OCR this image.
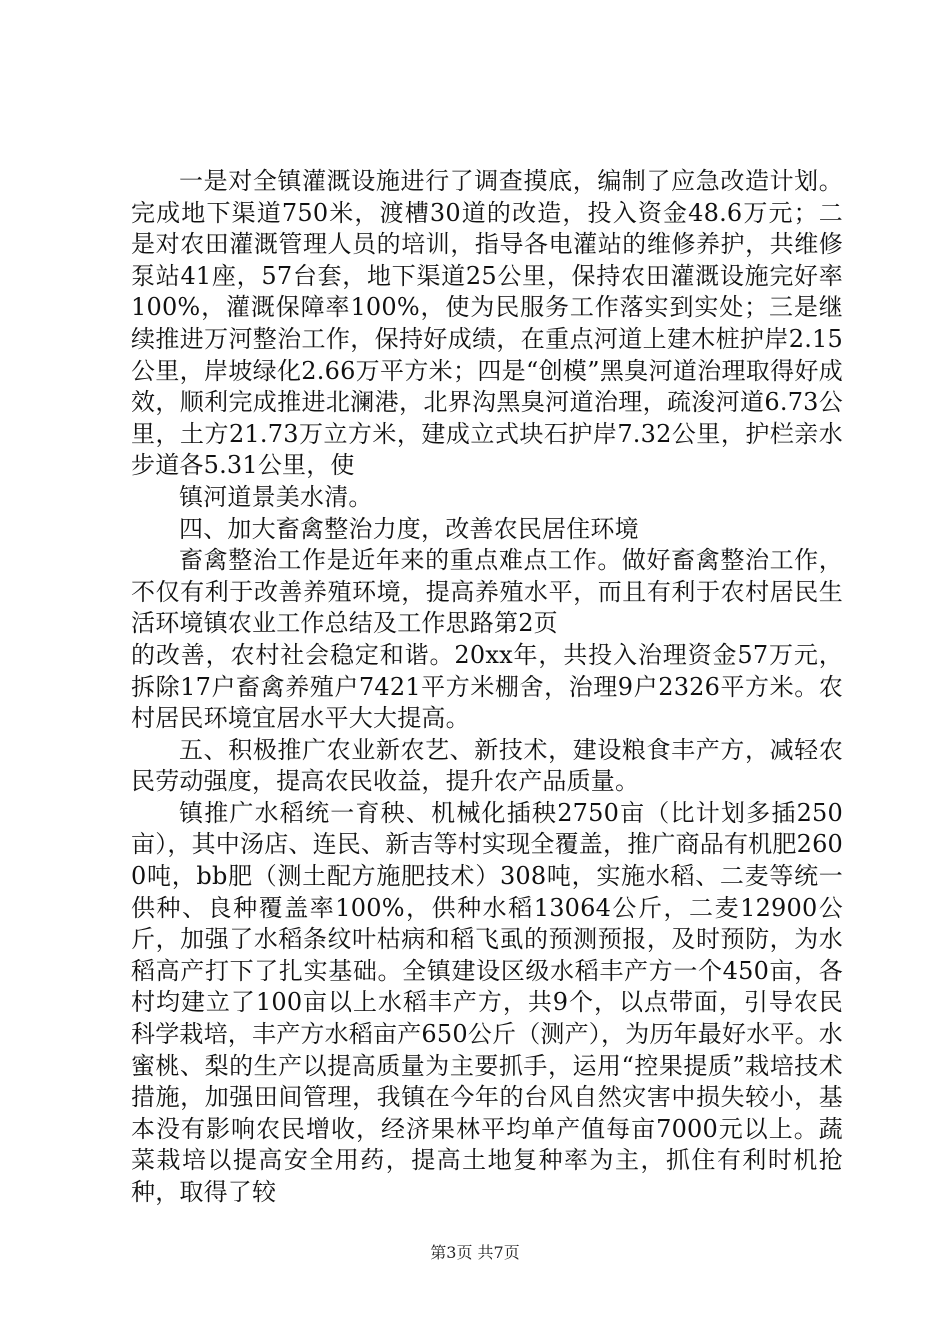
一是对全镇灌溉设施进行了调查摸底，编制了应急改造计划。完成地下渠道750米，渡槽30道的改造，投入资金48.6万元；二是对农田灌溉管理人员的培训，指导各电灌站的维修养护，共维修泵站41座，57台套，地下渠道25公里，保持农田灌溉设施完好率100%，灌溉保障率100%，使为民服务工作落实到实处；三是继续推进万河整治工作，保持好成绩，在重点河道上建木桩护岸2.15公里，岸坡绿化2.66万平方米；四是“创模”黑臭河道治理取得好成效，顺利完成推进北澜港，北界沟黑臭河道治理，疏浚河道6.73公里，土方21.73万立方米，建成立式块石护岸7.32公里，护栏亲水步道各5.31公里，使

镇河道景美水清。

四、加大畜禽整治力度，改善农民居住环境

畜禽整治工作是近年来的重点难点工作。做好畜禽整治工作，不仅有利于改善养殖环境，提高养殖水平，而且有利于农村居民生活环境镇农业工作总结及工作思路第2页

的改善，农村社会稳定和谐。20xx年，共投入治理资金57万元，拆除17户畜禽养殖户7421平方米棚舍，治理9户2326平方米。农村居民环境宜居水平大大提高。

五、积极推广农业新农艺、新技术，建设粮食丰产方，减轻农民劳动强度，提高农民收益，提升农产品质量。

镇推广水稻统一育秧、机械化插秧2750亩（比计划多插250亩），其中汤店、连民、新吉等村实现全覆盖，推广商品有机肥2600吨，bb肥（测土配方施肥技术）308吨，实施水稻、二麦等统一供种、良种覆盖率100%，供种水稻13064公斤，二麦12900公斤，加强了水稻条纹叶枯病和稻飞虱的预测预报，及时预防，为水稻高产打下了扎实基础。全镇建设区级水稻丰产方一个450亩，各村均建立了100亩以上水稻丰产方，共9个，以点带面，引导农民科学栽培，丰产方水稻亩产650公斤（测产），为历年最好水平。水蜜桃、梨的生产以提高质量为主要抓手，运用“控果提质”栽培技术措施，加强田间管理，我镇在今年的台风自然灾害中损失较小，基本没有影响农民增收，经济果林平均单产值每亩7000元以上。蔬菜栽培以提高安全用药，提高土地复种率为主，抓住有利时机抢种，取得了较

第3页 共7页
